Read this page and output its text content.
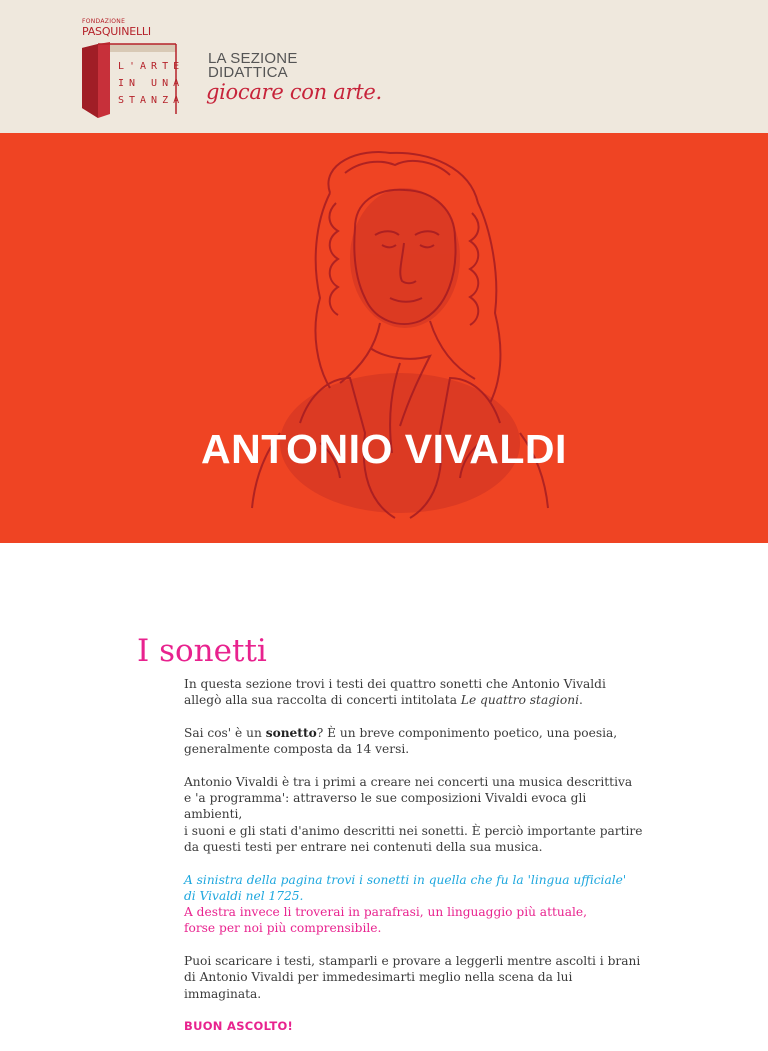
FONDAZIONE
PASQUINELLI
L'ARTE
IN UNA
STANZA
LA SEZIONE
DIDATTICA
giocare con arte.
ANTONIO VIVALDI
I sonetti

In questa sezione trovi i testi dei quattro sonetti che Antonio Vivaldi
allegò alla sua raccolta di concerti intitolata Le quattro stagioni.

Sai cos' è un sonetto? È un breve componimento poetico, una poesia,
generalmente composta da 14 versi.

Antonio Vivaldi è tra i primi a creare nei concerti una musica descrittiva
e 'a programma': attraverso le sue composizioni Vivaldi evoca gli ambienti,
i suoni e gli stati d'animo descritti nei sonetti. È perciò importante partire
da questi testi per entrare nei contenuti della sua musica.

A sinistra della pagina trovi i sonetti in quella che fu la 'lingua ufficiale'
di Vivaldi nel 1725.
A destra invece li troverai in parafrasi, un linguaggio più attuale,
forse per noi più comprensibile.

Puoi scaricare i testi, stamparli e provare a leggerli mentre ascolti i brani
di Antonio Vivaldi per immedesimarti meglio nella scena da lui immaginata.

BUON ASCOLTO!
